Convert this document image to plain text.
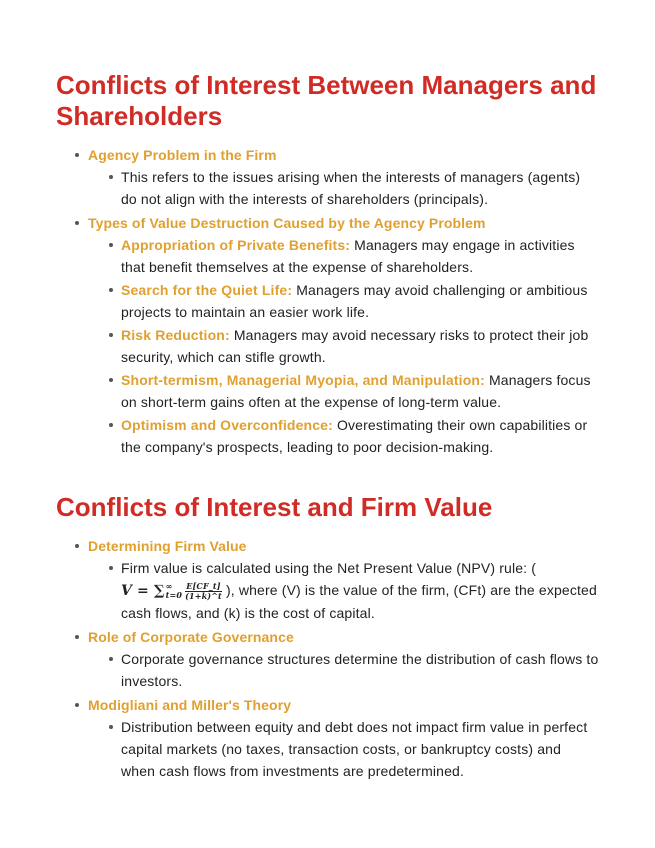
Conflicts of Interest Between Managers and Shareholders
Agency Problem in the Firm
This refers to the issues arising when the interests of managers (agents) do not align with the interests of shareholders (principals).
Types of Value Destruction Caused by the Agency Problem
Appropriation of Private Benefits: Managers may engage in activities that benefit themselves at the expense of shareholders.
Search for the Quiet Life: Managers may avoid challenging or ambitious projects to maintain an easier work life.
Risk Reduction: Managers may avoid necessary risks to protect their job security, which can stifle growth.
Short-termism, Managerial Myopia, and Manipulation: Managers focus on short-term gains often at the expense of long-term value.
Optimism and Overconfidence: Overestimating their own capabilities or the company's prospects, leading to poor decision-making.
Conflicts of Interest and Firm Value
Determining Firm Value
Firm value is calculated using the Net Present Value (NPV) rule: ( V = ∑ ∞
$t=0 \frac{E[CF\_t]}{(1+k)\^{}t}$ ), where (V) is the value of the firm, (CFt) are the expected cash flows, and (k) is the cost of capital.
Role of Corporate Governance
Corporate governance structures determine the distribution of cash flows to investors.
Modigliani and Miller's Theory
Distribution between equity and debt does not impact firm value in perfect capital markets (no taxes, transaction costs, or bankruptcy costs) and when cash flows from investments are predetermined.
